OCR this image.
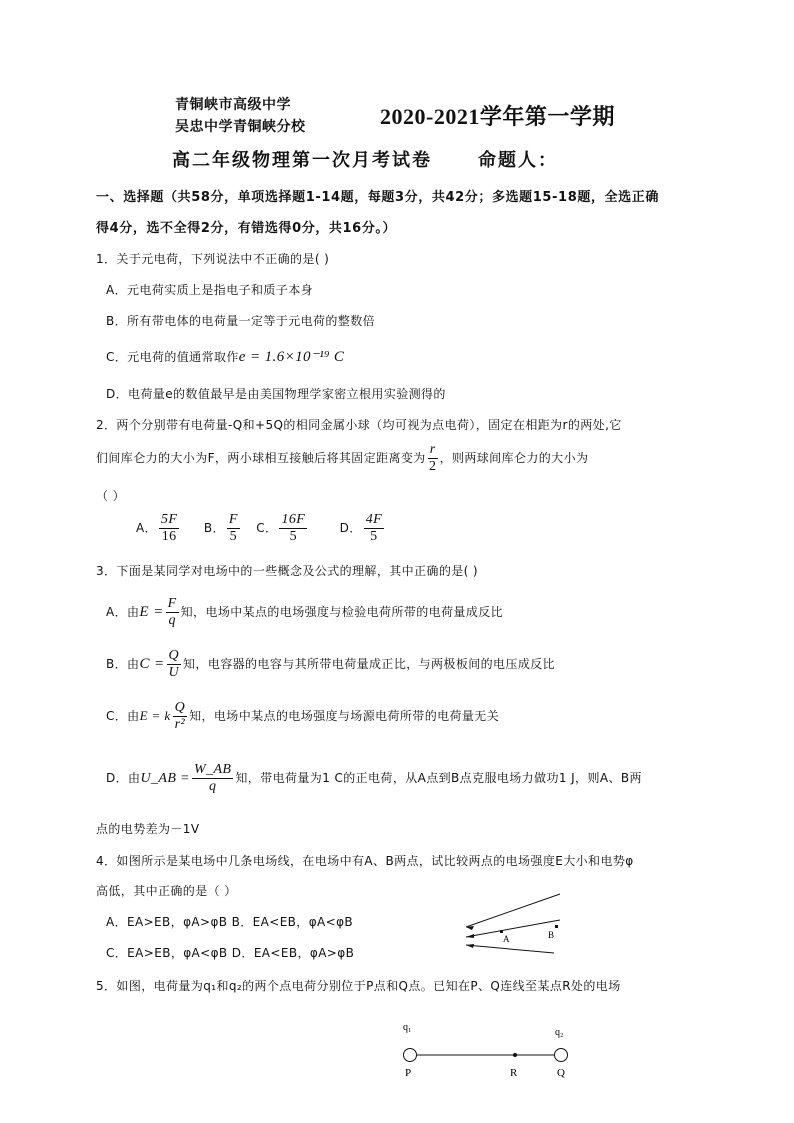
青铜峡市高级中学
吴忠中学青铜峡分校	2020-2021学年第一学期
高二年级物理第一次月考试卷	命题人：
一、选择题（共58分，单项选择题1-14题，每题3分，共42分；多选题15-18题，全选正确
得4分，选不全得2分，有错选得0分，共16分。）
1．关于元电荷，下列说法中不正确的是( )
A．元电荷实质上是指电子和质子本身
B．所有带电体的电荷量一定等于元电荷的整数倍
C．元电荷的值通常取作e = 1.6×10⁻¹⁹ C
D．电荷量e的数值最早是由美国物理学家密立根用实验测得的
2．两个分别带有电荷量-Q和+5Q的相同金属小球（均可视为点电荷），固定在相距为r的两处,它
们间库仑力的大小为F，两小球相互接触后将其固定距离变为 $\frac{r}{2}$ ，则两球间库仑力的大小为
（ ）
A． $\frac{5F}{16}$ B． $\frac{F}{5}$ C． $\frac{16F}{5}$	D． $\frac{4F}{5}$
3．下面是某同学对电场中的一些概念及公式的理解，其中正确的是( )
A．由$E = \frac{F}{q}$ 知，电场中某点的电场强度与检验电荷所带的电荷量成反比
B．由$C = \frac{Q}{U}$ 知，电容器的电容与其所带电荷量成正比，与两极板间的电压成反比
C．由E = k $\frac{Q}{\text{r²}}$ 知，电场中某点的电场强度与场源电荷所带的电荷量无关
D．由U_AB = $\frac{W\_AB}{q}$ 知，带电荷量为1 C的正电荷，从A点到B点克服电场力做功1 J，则A、B两
点的电势差为－1V
4．如图所示是某电场中几条电场线，在电场中有A、B两点，试比较两点的电场强度E大小和电势φ
高低，其中正确的是（ ）
A．EA>EB，φA>φB B．EA<EB，φA<φB
C．EA>EB，φA<φB D．EA<EB，φA>φB
A	B
5．如图，电荷量为q₁和q₂的两个点电荷分别位于P点和Q点。已知在P、Q连线至某点R处的电场
q₁	q₂
P	R	Q
